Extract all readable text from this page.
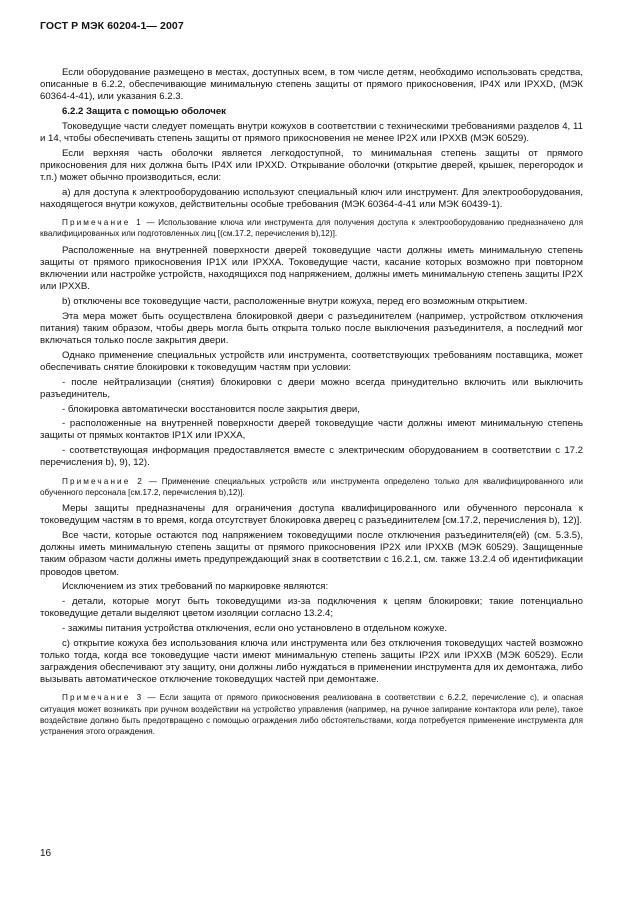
ГОСТ Р МЭК 60204-1— 2007

Если оборудование размещено в местах, доступных всем, в том числе детям, необходимо использовать средства, описанные в 6.2.2, обеспечивающие минимальную степень защиты от прямого прикосновения, IP4X или IPXXD, (МЭК 60364-4-41), или указания 6.2.3.

6.2.2 Защита с помощью оболочек

Токоведущие части следует помещать внутри кожухов в соответствии с техническими требованиями разделов 4, 11 и 14, чтобы обеспечивать степень защиты от прямого прикосновения не менее IP2X или IPXXB (МЭК 60529).

Если верхняя часть оболочки является легкодоступной, то минимальная степень защиты от прямого прикосновения для них должна быть IP4X или IPXXD. Открывание оболочки (открытие дверей, крышек, перегородок и т.п.) может обычно производиться, если:

а) для доступа к электрооборудованию используют специальный ключ или инструмент. Для электрооборудования, находящегося внутри кожухов, действительны особые требования (МЭК 60364-4-41 или МЭК 60439-1).

Примечание 1 — Использование ключа или инструмента для получения доступа к электрооборудованию предназначено для квалифицированных или подготовленных лиц [(см.17.2, перечисления b),12)].

Расположенные на внутренней поверхности дверей токоведущие части должны иметь минимальную степень защиты от прямого прикосновения IP1X или IPXXA. Токоведущие части, касание которых возможно при повторном включении или настройке устройств, находящихся под напряжением, должны иметь минимальную степень защиты IP2X или IPXXB.

b) отключены все токоведущие части, расположенные внутри кожуха, перед его возможным открытием.

Эта мера может быть осуществлена блокировкой двери с разъединителем (например, устройством отключения питания) таким образом, чтобы дверь могла быть открыта только после выключения разъединителя, а последний мог включаться только после закрытия двери.

Однако применение специальных устройств или инструмента, соответствующих требованиям поставщика, может обеспечивать снятие блокировки к токоведущим частям при условии:

- после нейтрализации (снятия) блокировки с двери можно всегда принудительно включить или выключить разъединитель,

- блокировка автоматически восстановится после закрытия двери,

- расположенные на внутренней поверхности дверей токоведущие части должны имеют минимальную степень защиты от прямых контактов IP1X или IPXXA,

- соответствующая информация предоставляется вместе с электрическим оборудованием в соответствии с 17.2 перечисления b), 9), 12).

Примечание 2 — Применение специальных устройств или инструмента определено только для квалифицированного или обученного персонала [см.17.2, перечисления b),12)].

Меры защиты предназначены для ограничения доступа квалифицированного или обученного персонала к токоведущим частям в то время, когда отсутствует блокировка дверец с разъединителем [см.17.2, перечисления b), 12)].

Все части, которые остаются под напряжением токоведущими после отключения разъединителя(ей) (см. 5.3.5), должны иметь минимальную степень защиты от прямого прикосновения IP2X или IPXXB (МЭК 60529). Защищенные таким образом части должны иметь предупреждающий знак в соответствии с 16.2.1, см. также 13.2.4 об идентификации проводов цветом.

Исключением из этих требований по маркировке являются:

- детали, которые могут быть токоведущими из-за подключения к цепям блокировки; такие потенциально токоведущие детали выделяют цветом изоляции согласно 13.2.4;

- зажимы питания устройства отключения, если оно установлено в отдельном кожухе.

с) открытие кожуха без использования ключа или инструмента или без отключения токоведущих частей возможно только тогда, когда все токоведущие части имеют минимальную степень защиты IP2X или IPXXB (МЭК 60529). Если заграждения обеспечивают эту защиту, они должны либо нуждаться в применении инструмента для их демонтажа, либо вызывать автоматическое отключение токоведущих частей при демонтаже.

Примечание 3 — Если защита от прямого прикосновения реализована в соответствии с 6.2.2, перечисление с), и опасная ситуация может возникать при ручном воздействии на устройство управления (например, на ручное запирание контактора или реле), такое воздействие должно быть предотвращено с помощью ограждения либо обстоятельствами, когда потребуется применение инструмента для устранения этого ограждения.

16
